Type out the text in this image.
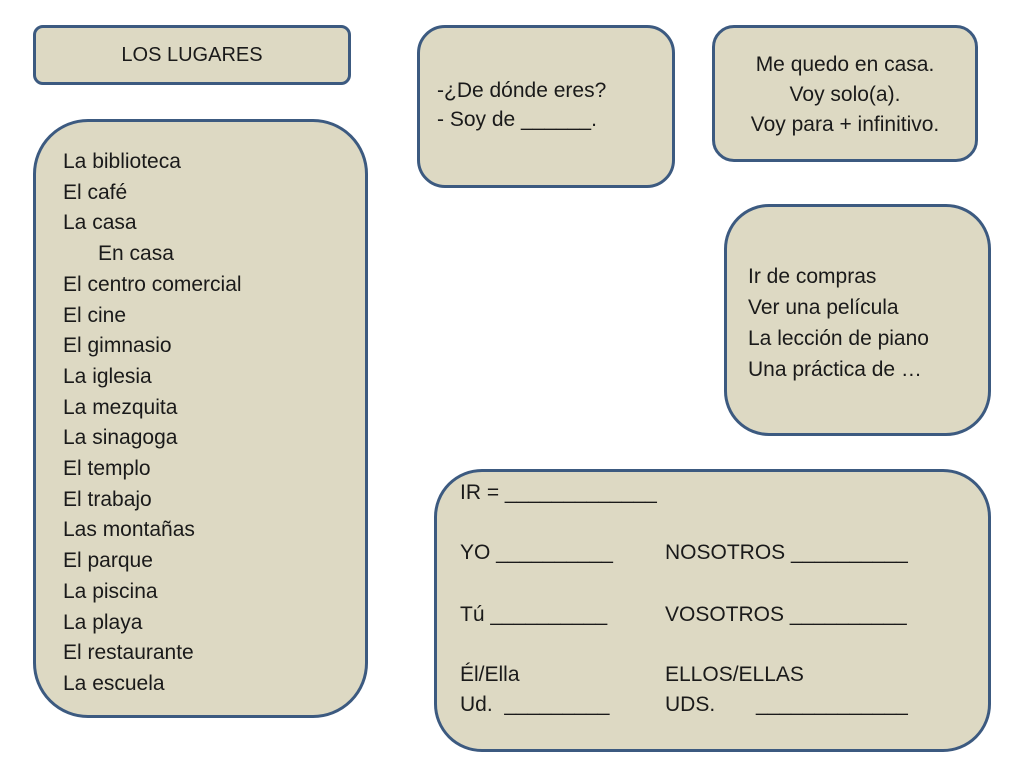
LOS LUGARES
La biblioteca
El café
La casa
En casa
El centro comercial
El cine
El gimnasio
La iglesia
La mezquita
La sinagoga
El templo
El trabajo
Las montañas
El parque
La piscina
La playa
El restaurante
La escuela
-¿De dónde eres?
- Soy de ______.
Me quedo en casa.
Voy solo(a).
Voy para + infinitivo.
Ir de compras
Ver una película
La lección de piano
Una práctica de …
IR = _____________
YO __________ NOSOTROS __________
Tú __________	VOSOTROS __________
Él/Ella
Ud.  _________
ELLOS/ELLAS
UDS.       _____________
